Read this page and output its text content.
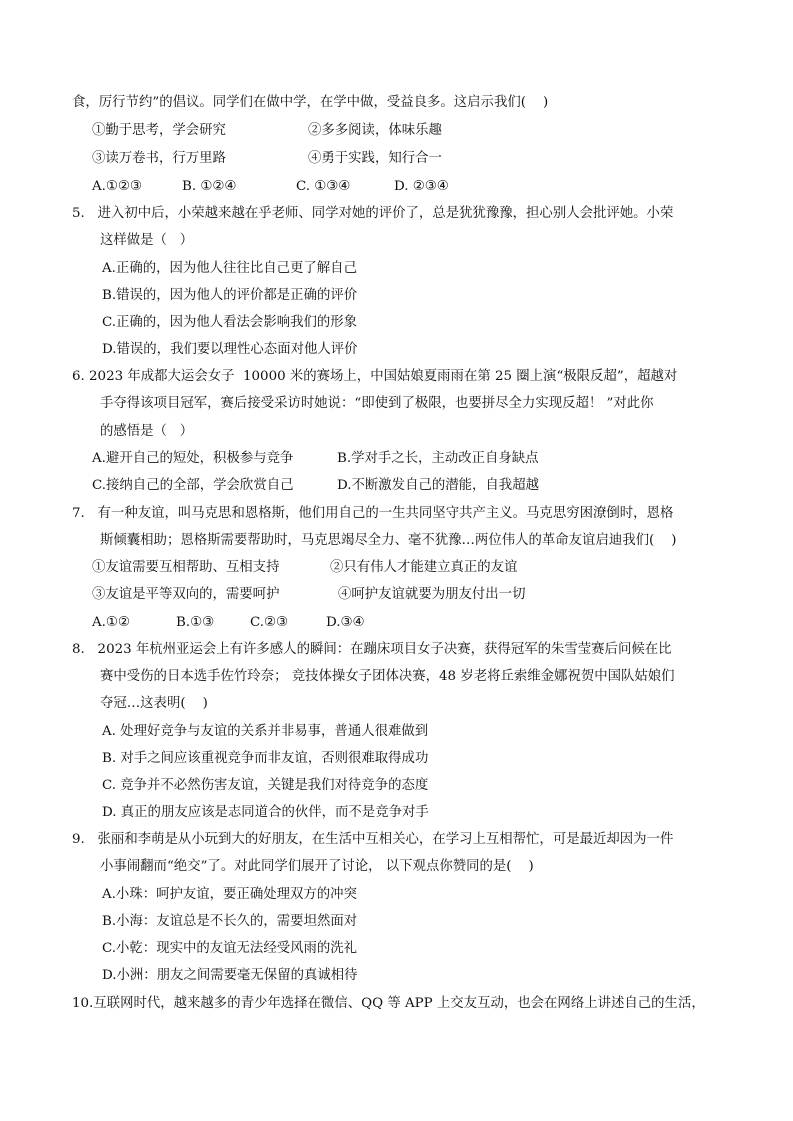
食，厉行节约”的倡议。同学们在做中学，在学中做，受益良多。这启示我们(    )
①勤于思考，学会研究	②多多阅读，体味乐趣
③读万卷书，行万里路	④勇于实践，知行合一
A.①②③	B. ①②④	C. ①③④	D. ②③④
5.   进入初中后，小荣越来越在乎老师、同学对她的评价了，总是犹犹豫豫，担心别人会批评她。小荣
这样做是（   ）
A.正确的，因为他人往往比自己更了解自己
B.错误的，因为他人的评价都是正确的评价
C.正确的，因为他人看法会影响我们的形象
D.错误的，我们要以理性心态面对他人评价
6. 2023 年成都大运会女子  10000 米的赛场上，中国姑娘夏雨雨在第 25 圈上演“极限反超”，超越对
手夺得该项目冠军，赛后接受采访时她说：“即使到了极限，也要拼尽全力实现反超！ ”对此你
的感悟是（   ）
A.避开自己的短处，积极参与竞争	B.学对手之长，主动改正自身缺点
C.接纳自己的全部，学会欣赏自己	D.不断激发自己的潜能，自我超越
7.   有一种友谊，叫马克思和恩格斯，他们用自己的一生共同坚守共产主义。马克思穷困潦倒时，恩格
斯倾囊相助；恩格斯需要帮助时，马克思竭尽全力、毫不犹豫…两位伟人的革命友谊启迪我们(    )
①友谊需要互相帮助、互相支持	②只有伟人才能建立真正的友谊
③友谊是平等双向的，需要呵护	④呵护友谊就要为朋友付出一切
A.①②	B.①③	C.②③	D.③④
8.   2023 年杭州亚运会上有许多感人的瞬间：在蹦床项目女子决赛，获得冠军的朱雪莹赛后问候在比
赛中受伤的日本选手佐竹玲奈； 竞技体操女子团体决赛，48 岁老将丘索维金娜祝贺中国队姑娘们
夺冠…这表明(    )
A. 处理好竞争与友谊的关系并非易事，普通人很难做到
B. 对手之间应该重视竞争而非友谊，否则很难取得成功
C. 竞争并不必然伤害友谊，关键是我们对待竞争的态度
D. 真正的朋友应该是志同道合的伙伴，而不是竞争对手
9.   张丽和李萌是从小玩到大的好朋友，在生活中互相关心，在学习上互相帮忙，可是最近却因为一件
小事闹翻而“绝交”了。对此同学们展开了讨论， 以下观点你赞同的是(    )
A.小珠：呵护友谊，要正确处理双方的冲突
B.小海：友谊总是不长久的，需要坦然面对
C.小乾：现实中的友谊无法经受风雨的洗礼
D.小洲：朋友之间需要毫无保留的真诚相待
10.互联网时代，越来越多的青少年选择在微信、QQ 等 APP 上交友互动，也会在网络上讲述自己的生活，
